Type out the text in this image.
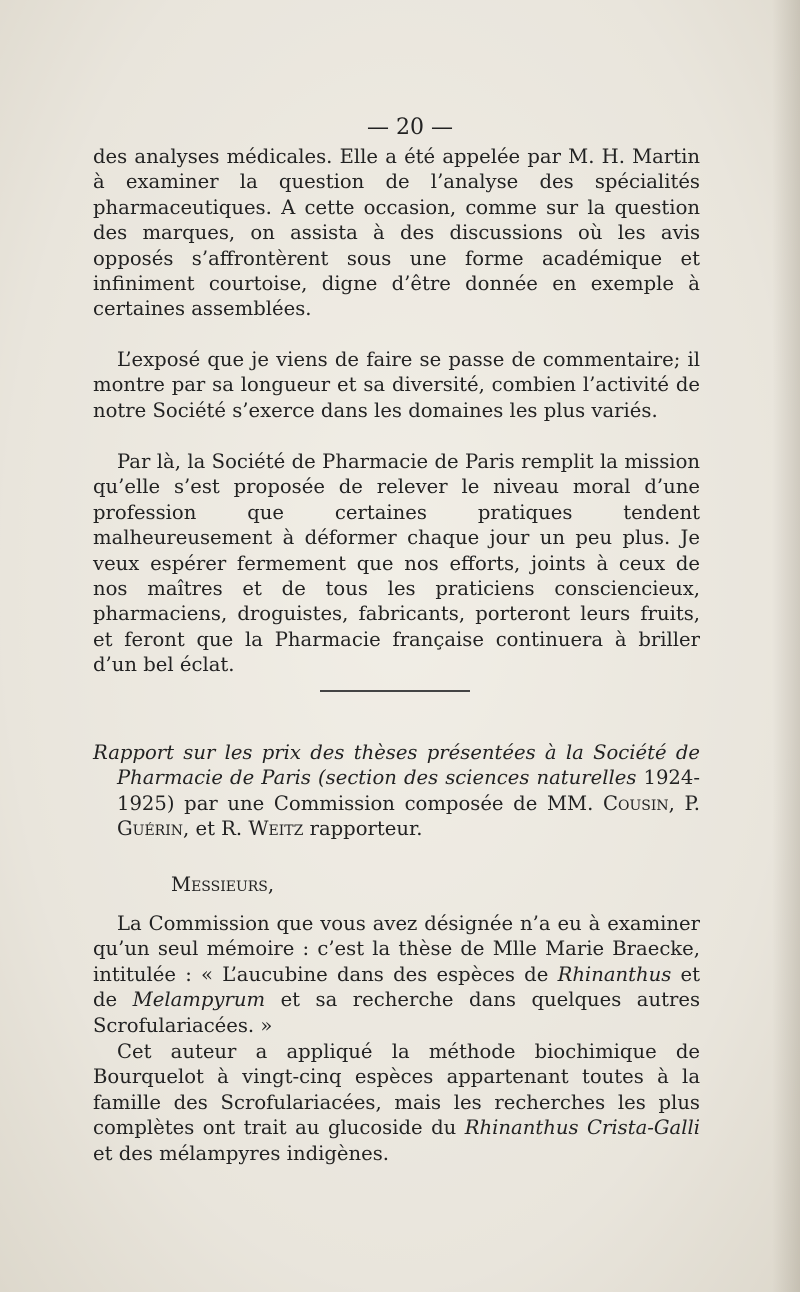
— 20 —

des analyses médicales. Elle a été appelée par M. H. Martin à examiner la question de l’analyse des spécialités pharmaceutiques. A cette occasion, comme sur la question des marques, on assista à des discussions où les avis opposés s’affrontèrent sous une forme académique et infiniment courtoise, digne d’être donnée en exemple à certaines assemblées.

L’exposé que je viens de faire se passe de commentaire; il montre par sa longueur et sa diversité, combien l’activité de notre Société s’exerce dans les domaines les plus variés.

Par là, la Société de Pharmacie de Paris remplit la mission qu’elle s’est proposée de relever le niveau moral d’une profession que certaines pratiques tendent malheureusement à déformer chaque jour un peu plus. Je veux espérer fermement que nos efforts, joints à ceux de nos maîtres et de tous les praticiens consciencieux, pharmaciens, droguistes, fabricants, porteront leurs fruits, et feront que la Pharmacie française continuera à briller d’un bel éclat.

Rapport sur les prix des thèses présentées à la Société de Pharmacie de Paris (section des sciences naturelles 1924-1925) par une Commission composée de MM. Cousin, P. Guérin, et R. Weitz rapporteur.
Messieurs,

La Commission que vous avez désignée n’a eu à examiner qu’un seul mémoire : c’est la thèse de Mlle Marie Braecke, intitulée : « L’aucubine dans des espèces de Rhinanthus et de Melampyrum et sa recherche dans quelques autres Scrofulariacées. »

Cet auteur a appliqué la méthode biochimique de Bourquelot à vingt-cinq espèces appartenant toutes à la famille des Scrofulariacées, mais les recherches les plus complètes ont trait au glucoside du Rhinanthus Crista-Galli et des mélampyres indigènes.
